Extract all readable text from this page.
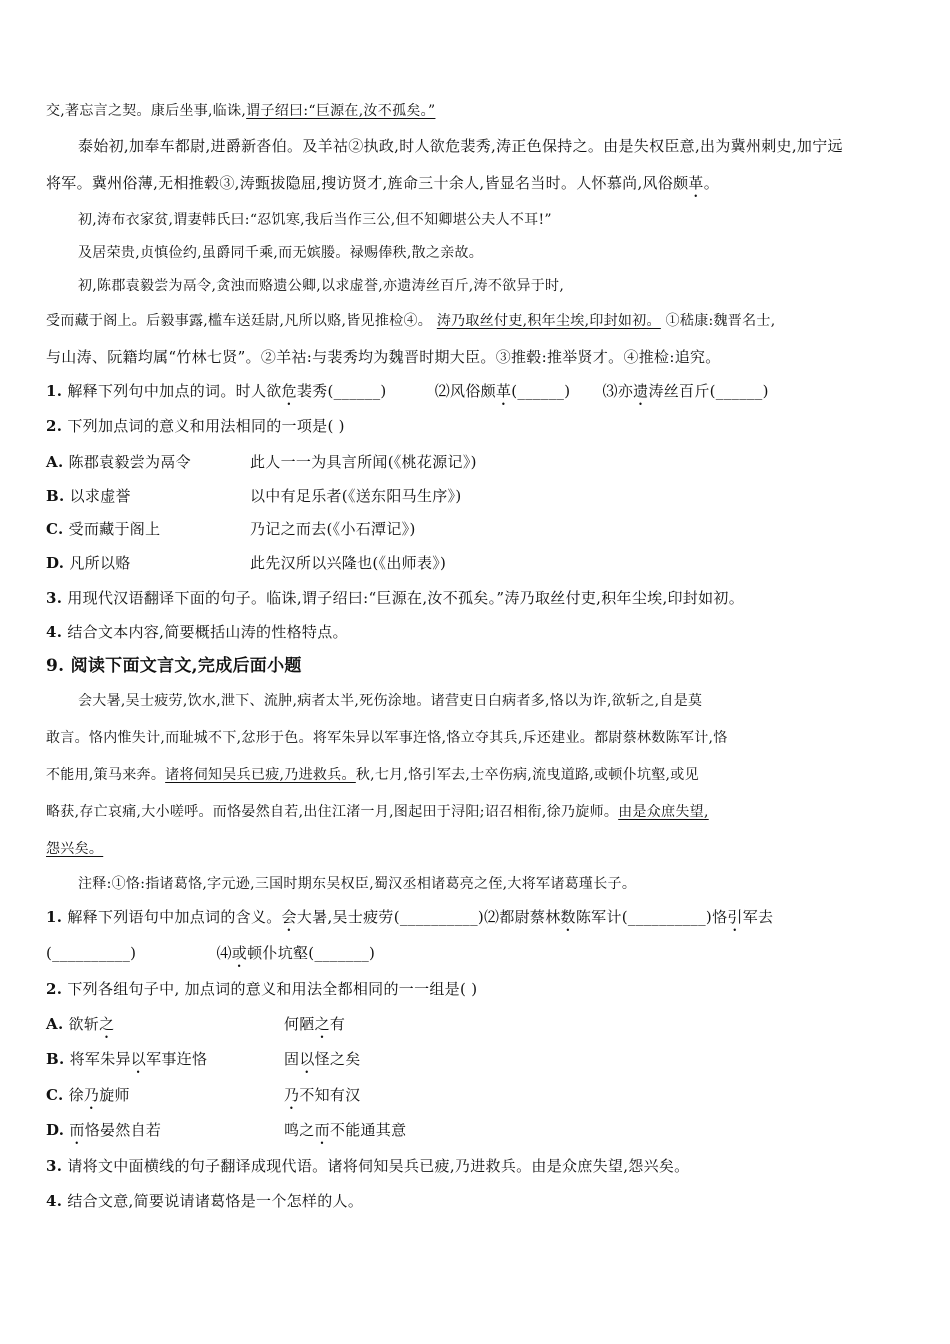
交,著忘言之契。康后坐事,临诛,谓子绍曰:“巨源在,汝不孤矣。”
泰始初,加奉车都尉,进爵新沓伯。及羊祜②执政,时人欲危裴秀,涛正色保持之。由是失权臣意,出为冀州刺史,加宁远
将军。冀州俗薄,无相推毂③,涛甄拔隐屈,搜访贤才,旌命三十余人,皆显名当时。人怀慕尚,风俗颇革。
初,涛布衣家贫,谓妻韩氏曰:“忍饥寒,我后当作三公,但不知卿堪公夫人不耳!”
及居荣贵,贞慎俭约,虽爵同千乘,而无嫔媵。禄赐俸秩,散之亲故。
初,陈郡袁毅尝为鬲令,贪浊而赂遗公卿,以求虚誉,亦遗涛丝百斤,涛不欲异于时,
受而藏于阁上。后毅事露,槛车送廷尉,凡所以赂,皆见推检④。 涛乃取丝付吏,积年尘埃,印封如初。 ①嵇康:魏晋名士,
与山涛、阮籍均属“竹林七贤”。②羊祜:与裴秀均为魏晋时期大臣。③推毂:推举贤才。④推检:追究。
1. 解释下列句中加点的词。时人欲危裴秀(______)	⑵风俗颇革(______) ⑶亦遗涛丝百斤(______)
2. 下列加点词的意义和用法相同的一项是( )
A. 陈郡袁毅尝为鬲令	此人一一为具言所闻(《桃花源记》)
B. 以求虚誉	以中有足乐者(《送东阳马生序》)
C. 受而藏于阁上	乃记之而去(《小石潭记》)
D. 凡所以赂	此先汉所以兴隆也(《出师表》)
3. 用现代汉语翻译下面的句子。临诛,谓子绍曰:“巨源在,汝不孤矣。”涛乃取丝付吏,积年尘埃,印封如初。
4. 结合文本内容,简要概括山涛的性格特点。
9. 阅读下面文言文,完成后面小题
会大暑,吴士疲劳,饮水,泄下、流肿,病者太半,死伤涂地。诸营吏日白病者多,恪以为诈,欲斩之,自是莫
敢言。恪内惟失计,而耻城不下,忿形于色。将军朱异以军事迕恪,恪立夺其兵,斥还建业。都尉蔡林数陈军计,恪
不能用,策马来奔。诸将伺知吴兵已疲,乃进救兵。秋,七月,恪引军去,士卒伤病,流曳道路,或顿仆坑壑,或见
略获,存亡哀痛,大小嗟呼。而恪晏然自若,出住江渚一月,图起田于浔阳;诏召相衔,徐乃旋师。由是众庶失望,
怨兴矣。
注释:①恪:指诸葛恪,字元逊,三国时期东吴权臣,蜀汉丞相诸葛亮之侄,大将军诸葛瑾长子。
1. 解释下列语句中加点词的含义。会大暑,吴士疲劳(__________)⑵都尉蔡林数陈军计(__________)恪引军去
(__________)	⑷或顿仆坑壑(_______)
2. 下列各组句子中, 加点词的意义和用法全都相同的一一组是( )
A. 欲斩之	何陋之有
B. 将军朱异以军事迕恪	固以怪之矣
C. 徐乃旋师	乃不知有汉
D. 而恪晏然自若	鸣之而不能通其意
3. 请将文中面横线的句子翻译成现代语。诸将伺知吴兵已疲,乃进救兵。由是众庶失望,怨兴矣。
4. 结合文意,简要说请诸葛恪是一个怎样的人。
